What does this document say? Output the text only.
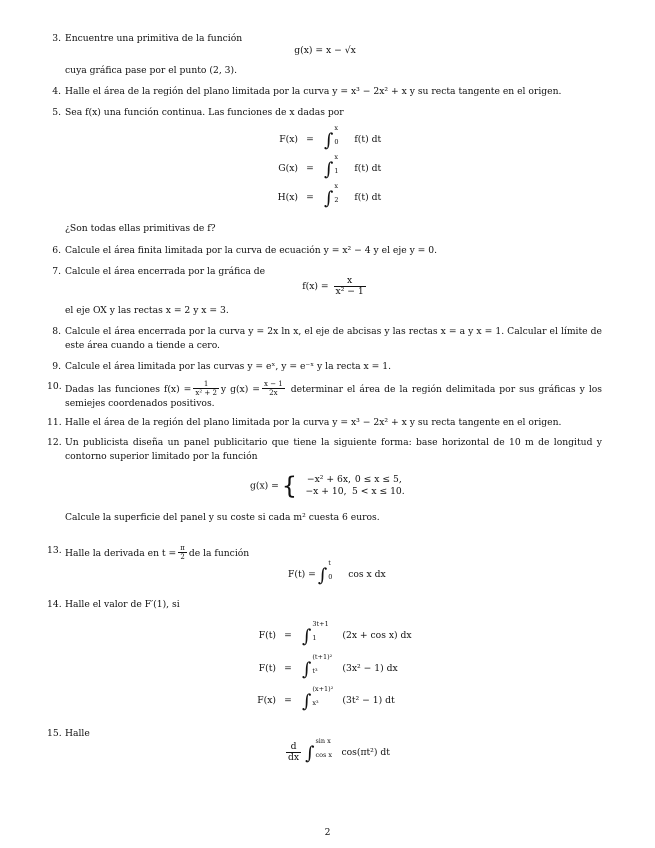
3. Encuentre una primitiva de la función
g(x) = x − √x
cuya gráfica pase por el punto (2, 3).
4. Halle el área de la región del plano limitada por la curva y = x³ − 2x² + x y su recta tangente en el origen.
5. Sea f(x) una función continua. Las funciones de x dadas por
F(x) = ∫
x
0	f(t) dt
G(x) = ∫
x
1	f(t) dt
H(x) = ∫
x
2	f(t) dt
¿Son todas ellas primitivas de f?
6. Calcule el área finita limitada por la curva de ecuación y = x² − 4 y el eje y = 0.
7. Calcule el área encerrada por la gráfica de
$f(x) = \frac{x}{\text{x² − 1}}$
el eje OX y las rectas x = 2 y x = 3.
8. Calcule el área encerrada por la curva y = 2x ln x, el eje de abcisas y las rectas x = a y x = 1. Calcular el límite de este área cuando a tiende a cero.
9. Calcule el área limitada por las curvas y = eˣ, y = e⁻ˣ y la recta x = 1.
10. Dadas las funciones $f(x) = \frac{1}{\text{x² + 2}}$ y $g(x) = \frac{x - 1}{2x}$ determinar el área de la región delimitada por sus gráficas y los semiejes coordenados positivos.
11. Halle el área de la región del plano limitada por la curva y = x³ − 2x² + x y su recta tangente en el origen.
12. Un publicista diseña un panel publicitario que tiene la siguiente forma: base horizontal de 10 m de longitud y contorno superior limitado por la función
g(x) = {	−x² + 6x, 0 ≤ x ≤ 5,
−x + 10, 5 < x ≤ 10.
Calcule la superficie del panel y su coste si cada m² cuesta 6 euros.
13. Halle la derivada en $t = \frac{\pi}{2}$ de la función
F(t) = ∫
t
0	cos x dx
14. Halle el valor de F′(1), si
F(t) = ∫
3t+1
1	(2x + cos x) dx
F(t) = ∫
(t+1)²
t³	(3x² − 1) dx
F(x) = ∫
(x+1)²
x³	(3t² − 1) dt
15. Halle
$\frac{d}{dx}$ ∫
sin x
cos x	cos(πt²) dt
2
